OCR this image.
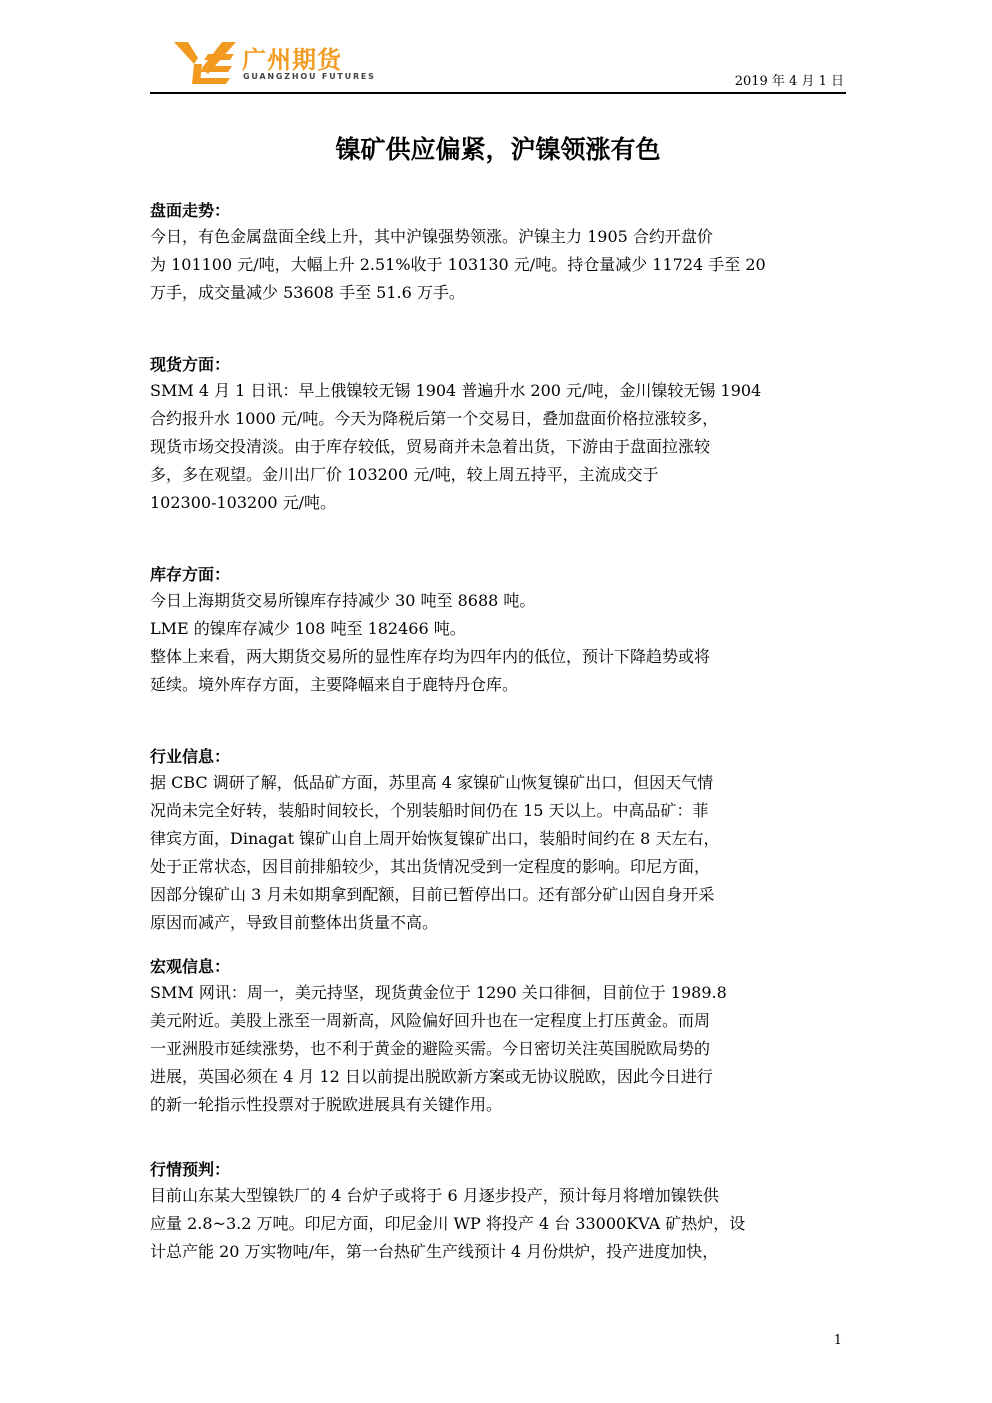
广州期货
GUANGZHOU FUTURES	2019 年 4 月 1 日
镍矿供应偏紧，沪镍领涨有色
盘面走势：

今日，有色金属盘面全线上升，其中沪镍强势领涨。沪镍主力 1905 合约开盘价
为 101100 元/吨，大幅上升 2.51%收于 103130 元/吨。持仓量减少 11724 手至 20
万手，成交量减少 53608 手至 51.6 万手。

现货方面：

SMM 4 月 1 日讯：早上俄镍较无锡 1904 普遍升水 200 元/吨，金川镍较无锡 1904
合约报升水 1000 元/吨。今天为降税后第一个交易日，叠加盘面价格拉涨较多，
现货市场交投清淡。由于库存较低，贸易商并未急着出货，下游由于盘面拉涨较
多，多在观望。金川出厂价 103200 元/吨，较上周五持平，主流成交于
102300-103200 元/吨。

库存方面：

今日上海期货交易所镍库存持减少 30 吨至 8688 吨。
LME 的镍库存减少 108 吨至 182466 吨。
整体上来看，两大期货交易所的显性库存均为四年内的低位，预计下降趋势或将
延续。境外库存方面，主要降幅来自于鹿特丹仓库。

行业信息：

据 CBC 调研了解，低品矿方面，苏里高 4 家镍矿山恢复镍矿出口，但因天气情
况尚未完全好转，装船时间较长，个别装船时间仍在 15 天以上。中高品矿：菲
律宾方面，Dinagat 镍矿山自上周开始恢复镍矿出口，装船时间约在 8 天左右，
处于正常状态，因目前排船较少，其出货情况受到一定程度的影响。印尼方面，
因部分镍矿山 3 月未如期拿到配额，目前已暂停出口。还有部分矿山因自身开采
原因而减产，导致目前整体出货量不高。

宏观信息：

SMM 网讯：周一，美元持坚，现货黄金位于 1290 关口徘徊，目前位于 1989.8
美元附近。美股上涨至一周新高，风险偏好回升也在一定程度上打压黄金。而周
一亚洲股市延续涨势，也不利于黄金的避险买需。今日密切关注英国脱欧局势的
进展，英国必须在 4 月 12 日以前提出脱欧新方案或无协议脱欧，因此今日进行
的新一轮指示性投票对于脱欧进展具有关键作用。

行情预判：

目前山东某大型镍铁厂的 4 台炉子或将于 6 月逐步投产，预计每月将增加镍铁供
应量 2.8~3.2 万吨。印尼方面，印尼金川 WP 将投产 4 台 33000KVA 矿热炉，设
计总产能 20 万实物吨/年，第一台热矿生产线预计 4 月份烘炉，投产进度加快，

1
